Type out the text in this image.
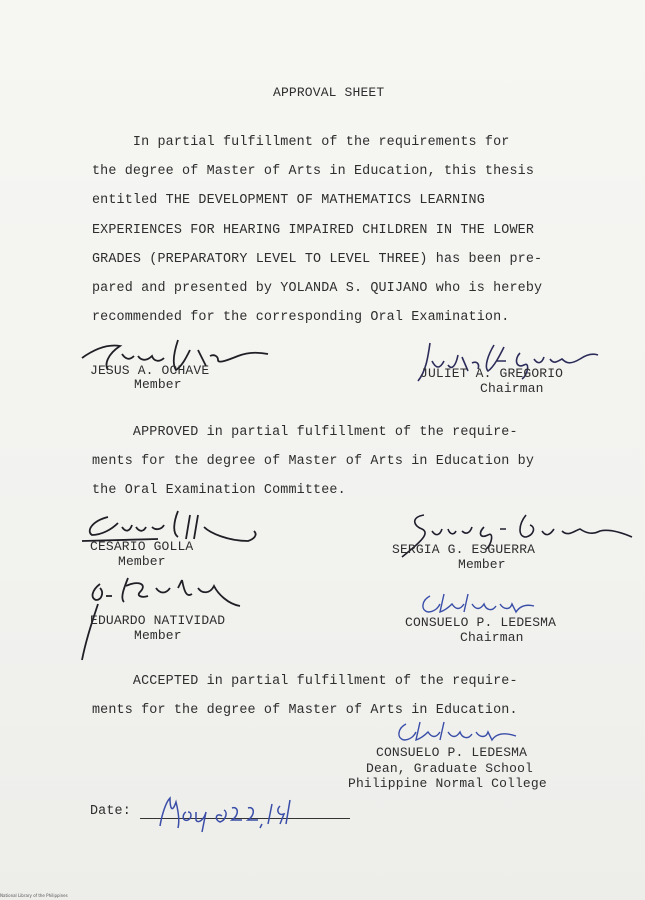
APPROVAL SHEET
In partial fulfillment of the requirements for
the degree of Master of Arts in Education, this thesis
entitled THE DEVELOPMENT OF MATHEMATICS LEARNING
EXPERIENCES FOR HEARING IMPAIRED CHILDREN IN THE LOWER
GRADES (PREPARATORY LEVEL TO LEVEL THREE) has been pre-
pared and presented by YOLANDA S. QUIJANO who is hereby
recommended for the corresponding Oral Examination.
JESUS A. OCHAVE
Member
JULIET A. GREGORIO
Chairman
APPROVED in partial fulfillment of the require-
ments for the degree of Master of Arts in Education by
the Oral Examination Committee.
CESARIO GOLLA
Member
SERGIA G. ESGUERRA
Member
EDUARDO NATIVIDAD
Member
CONSUELO P. LEDESMA
Chairman
ACCEPTED in partial fulfillment of the require-
ments for the degree of Master of Arts in Education.
CONSUELO P. LEDESMA
Dean, Graduate School
Philippine Normal College
Date:
National Library of the Philippines
